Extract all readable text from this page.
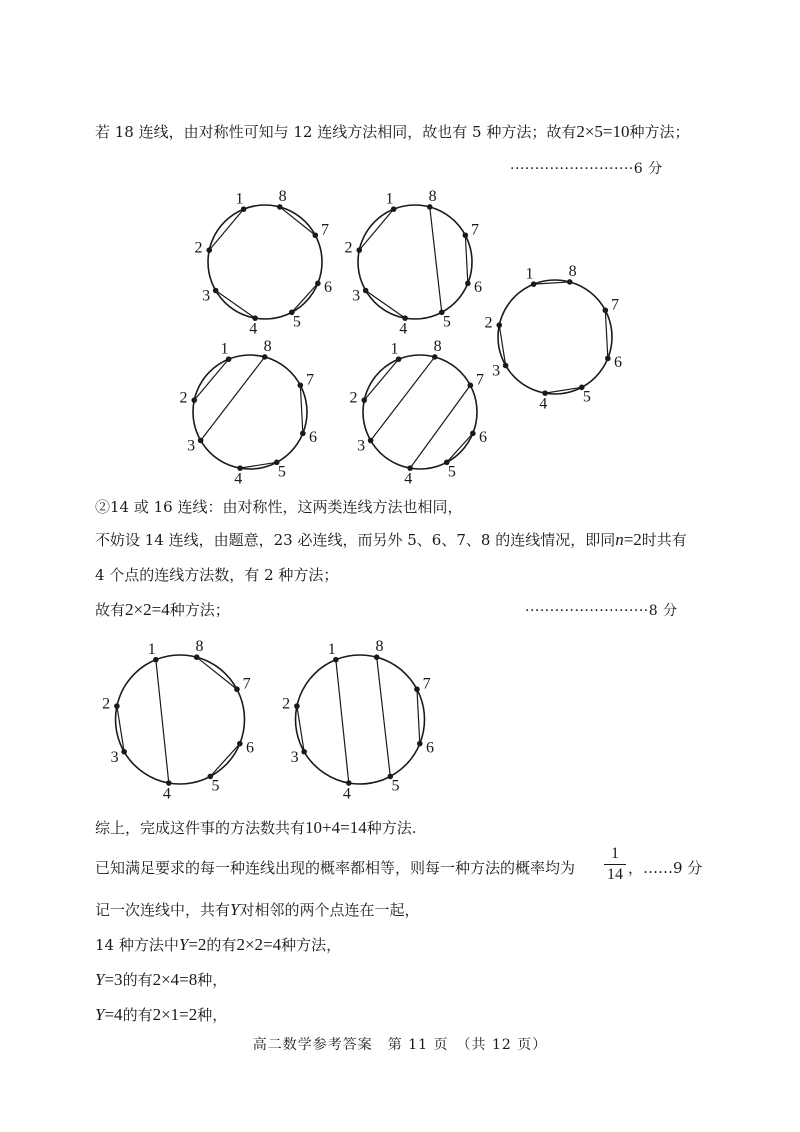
若 18 连线，由对称性可知与 12 连线方法相同，故也有 5 种方法；故有2×5=10种方法；
·························6 分
1
2
3
4 5
6
7
8	1
2
3
4 5
6
7
8
1
2
3
4 5
6
7
8
1
2
3
4 5
6
7
8	1
2
3
4 5
6
7
8
②14 或 16 连线：由对称性，这两类连线方法也相同，
不妨设 14 连线，由题意，23 必连线，而另外 5、6、7、8 的连线情况，即同n=2时共有
4 个点的连线方法数，有 2 种方法；
故有2×2=4种方法；	·························8 分
1
2
3
4	5
6
7
8	1
2
3
4	5
6
7
8
综上，完成这件事的方法数共有10+4=14种方法.
已知满足要求的每一种连线出现的概率都相等，则每一种方法的概率均为
1
14 ，……9 分
记一次连线中，共有Y对相邻的两个点连在一起，
14 种方法中Y=2的有2×2=4种方法，
Y=3的有2×4=8种，
Y=4的有2×1=2种，
高二数学参考答案　第 11 页　（共 12 页）
